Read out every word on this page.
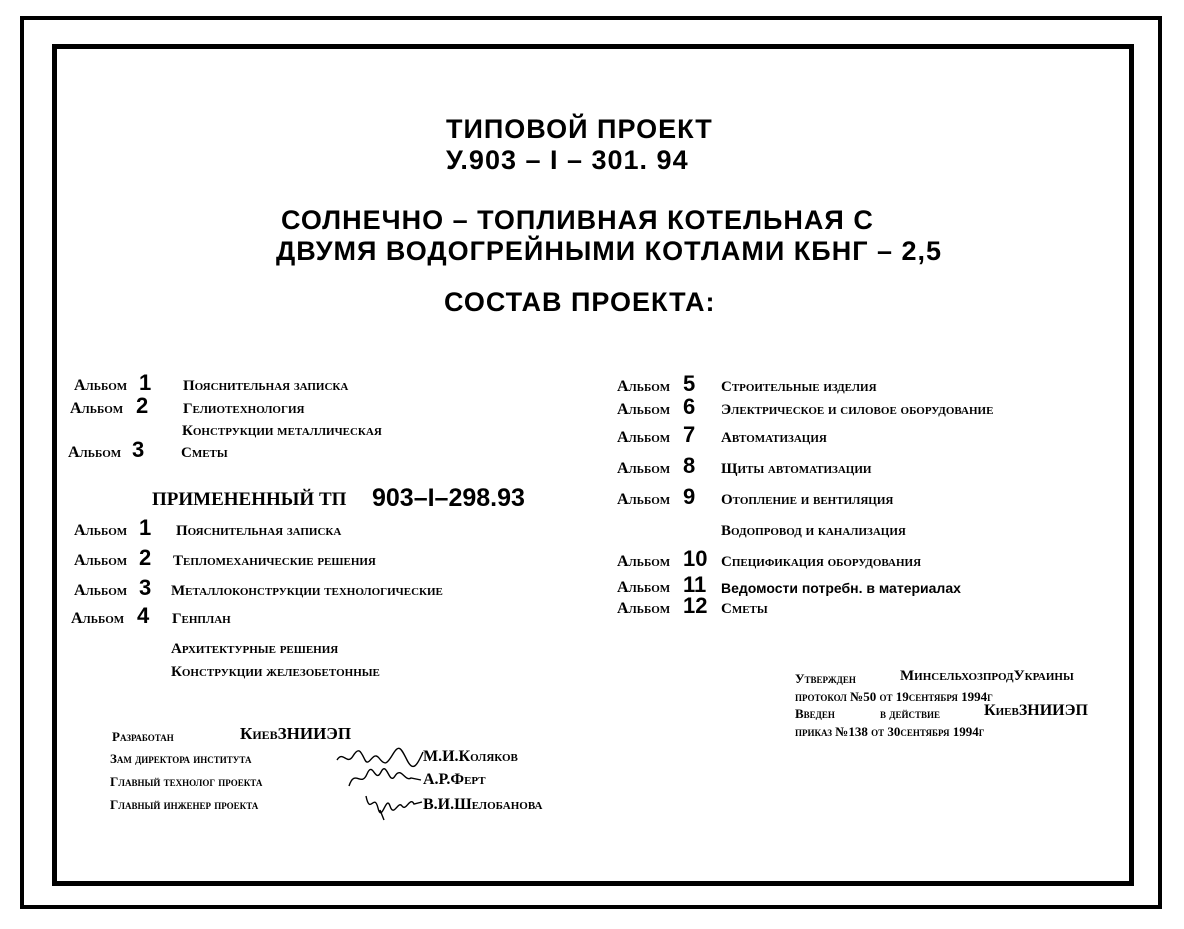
ТИПОВОЙ ПРОЕКТ
У.903 – I – 301. 94
СОЛНЕЧНО – ТОПЛИВНАЯ КОТЕЛЬНАЯ С
ДВУМЯ ВОДОГРЕЙНЫМИ КОТЛАМИ КБНГ – 2,5
СОСТАВ ПРОЕКТА:
Альбом 1 Пояснительная записка
Альбом 2 Гелиотехнология
Конструкции металлическая
Альбом 3 Сметы
ПРИМЕНЕННЫЙ ТП 903–I–298.93
Альбом 1 Пояснительная записка
Альбом 2 Тепломеханические решения
Альбом 3 Металлоконструкции технологические
Альбом 4 Генплан
Архитектурные решения
Конструкции железобетонные
Альбом 5 Строительные изделия
Альбом 6 Электрическое и силовое оборудование
Альбом 7 Автоматизация
Альбом 8 Щиты автоматизации
Альбом 9 Отопление и вентиляция
Водопровод и канализация
Альбом 10 Спецификация оборудования
Альбом 11 Ведомости потребн. в материалах
Альбом 12 Сметы
Утвержден	МинсельхозпродУкраины
протокол №50 от 19сентября 1994г
Введен	в действие	КиевЗНИИЭП
приказ №138 от 30сентября 1994г
Разработан	КиевЗНИИЭП
Зам директора института	М.И.Коляков
Главный технолог проекта	А.Р.Ферт
Главный инженер проекта	В.И.Шелобанова
